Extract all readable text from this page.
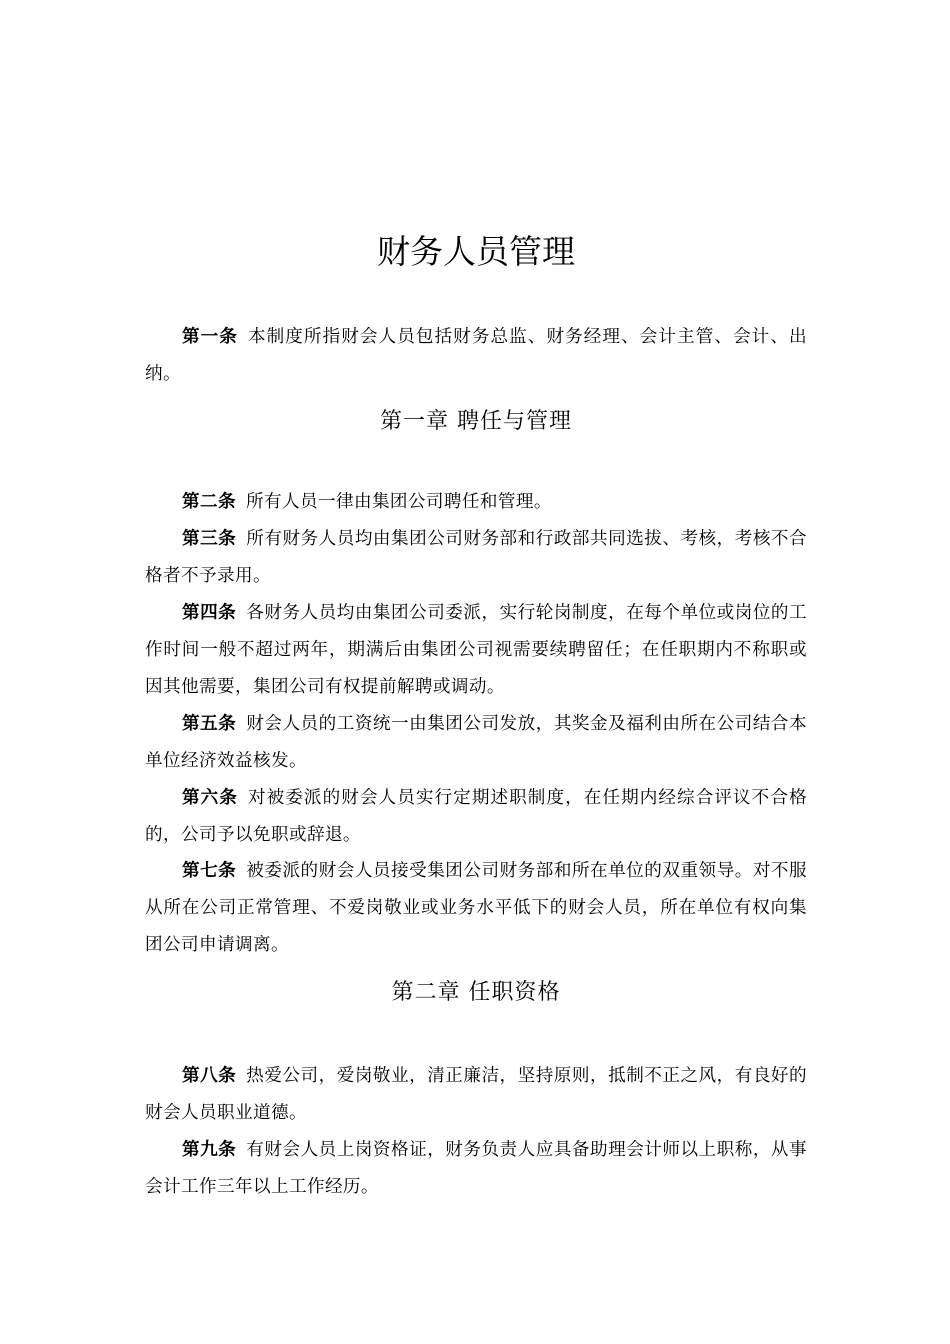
财务人员管理

第一条 本制度所指财会人员包括财务总监、财务经理、会计主管、会计、出纳。

第一章 聘任与管理

第二条 所有人员一律由集团公司聘任和管理。

第三条 所有财务人员均由集团公司财务部和行政部共同选拔、考核，考核不合格者不予录用。

第四条 各财务人员均由集团公司委派，实行轮岗制度，在每个单位或岗位的工作时间一般不超过两年，期满后由集团公司视需要续聘留任；在任职期内不称职或因其他需要，集团公司有权提前解聘或调动。

第五条 财会人员的工资统一由集团公司发放，其奖金及福利由所在公司结合本单位经济效益核发。

第六条 对被委派的财会人员实行定期述职制度，在任期内经综合评议不合格的，公司予以免职或辞退。

第七条 被委派的财会人员接受集团公司财务部和所在单位的双重领导。对不服从所在公司正常管理、不爱岗敬业或业务水平低下的财会人员，所在单位有权向集团公司申请调离。

第二章 任职资格

第八条 热爱公司，爱岗敬业，清正廉洁，坚持原则，抵制不正之风，有良好的财会人员职业道德。

第九条 有财会人员上岗资格证，财务负责人应具备助理会计师以上职称，从事会计工作三年以上工作经历。
